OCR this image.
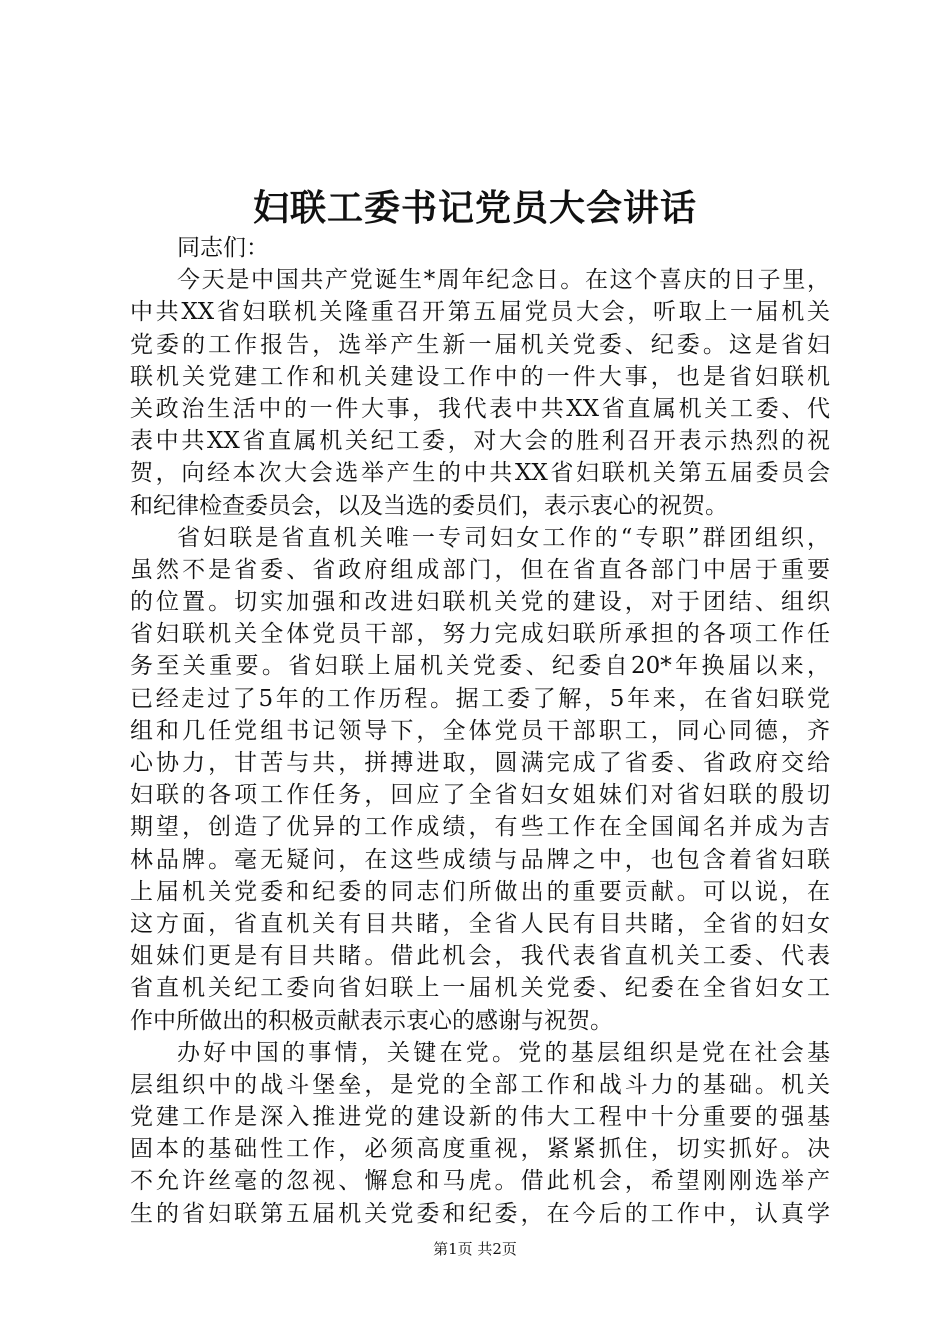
妇联工委书记党员大会讲话
同志们：
今天是中国共产党诞生*周年纪念日。在这个喜庆的日子里，
中共XX省妇联机关隆重召开第五届党员大会，听取上一届机关
党委的工作报告，选举产生新一届机关党委、纪委。这是省妇
联机关党建工作和机关建设工作中的一件大事，也是省妇联机
关政治生活中的一件大事，我代表中共XX省直属机关工委、代
表中共XX省直属机关纪工委，对大会的胜利召开表示热烈的祝
贺，向经本次大会选举产生的中共XX省妇联机关第五届委员会
和纪律检查委员会，以及当选的委员们，表示衷心的祝贺。
省妇联是省直机关唯一专司妇女工作的“专职”群团组织，
虽然不是省委、省政府组成部门，但在省直各部门中居于重要
的位置。切实加强和改进妇联机关党的建设，对于团结、组织
省妇联机关全体党员干部，努力完成妇联所承担的各项工作任
务至关重要。省妇联上届机关党委、纪委自20*年换届以来，
已经走过了5年的工作历程。据工委了解，5年来，在省妇联党
组和几任党组书记领导下，全体党员干部职工，同心同德，齐
心协力，甘苦与共，拼搏进取，圆满完成了省委、省政府交给
妇联的各项工作任务，回应了全省妇女姐妹们对省妇联的殷切
期望，创造了优异的工作成绩，有些工作在全国闻名并成为吉
林品牌。毫无疑问，在这些成绩与品牌之中，也包含着省妇联
上届机关党委和纪委的同志们所做出的重要贡献。可以说，在
这方面，省直机关有目共睹，全省人民有目共睹，全省的妇女
姐妹们更是有目共睹。借此机会，我代表省直机关工委、代表
省直机关纪工委向省妇联上一届机关党委、纪委在全省妇女工
作中所做出的积极贡献表示衷心的感谢与祝贺。
办好中国的事情，关键在党。党的基层组织是党在社会基
层组织中的战斗堡垒，是党的全部工作和战斗力的基础。机关
党建工作是深入推进党的建设新的伟大工程中十分重要的强基
固本的基础性工作，必须高度重视，紧紧抓住，切实抓好。决
不允许丝毫的忽视、懈怠和马虎。借此机会，希望刚刚选举产
生的省妇联第五届机关党委和纪委，在今后的工作中，认真学
第1页 共2页
